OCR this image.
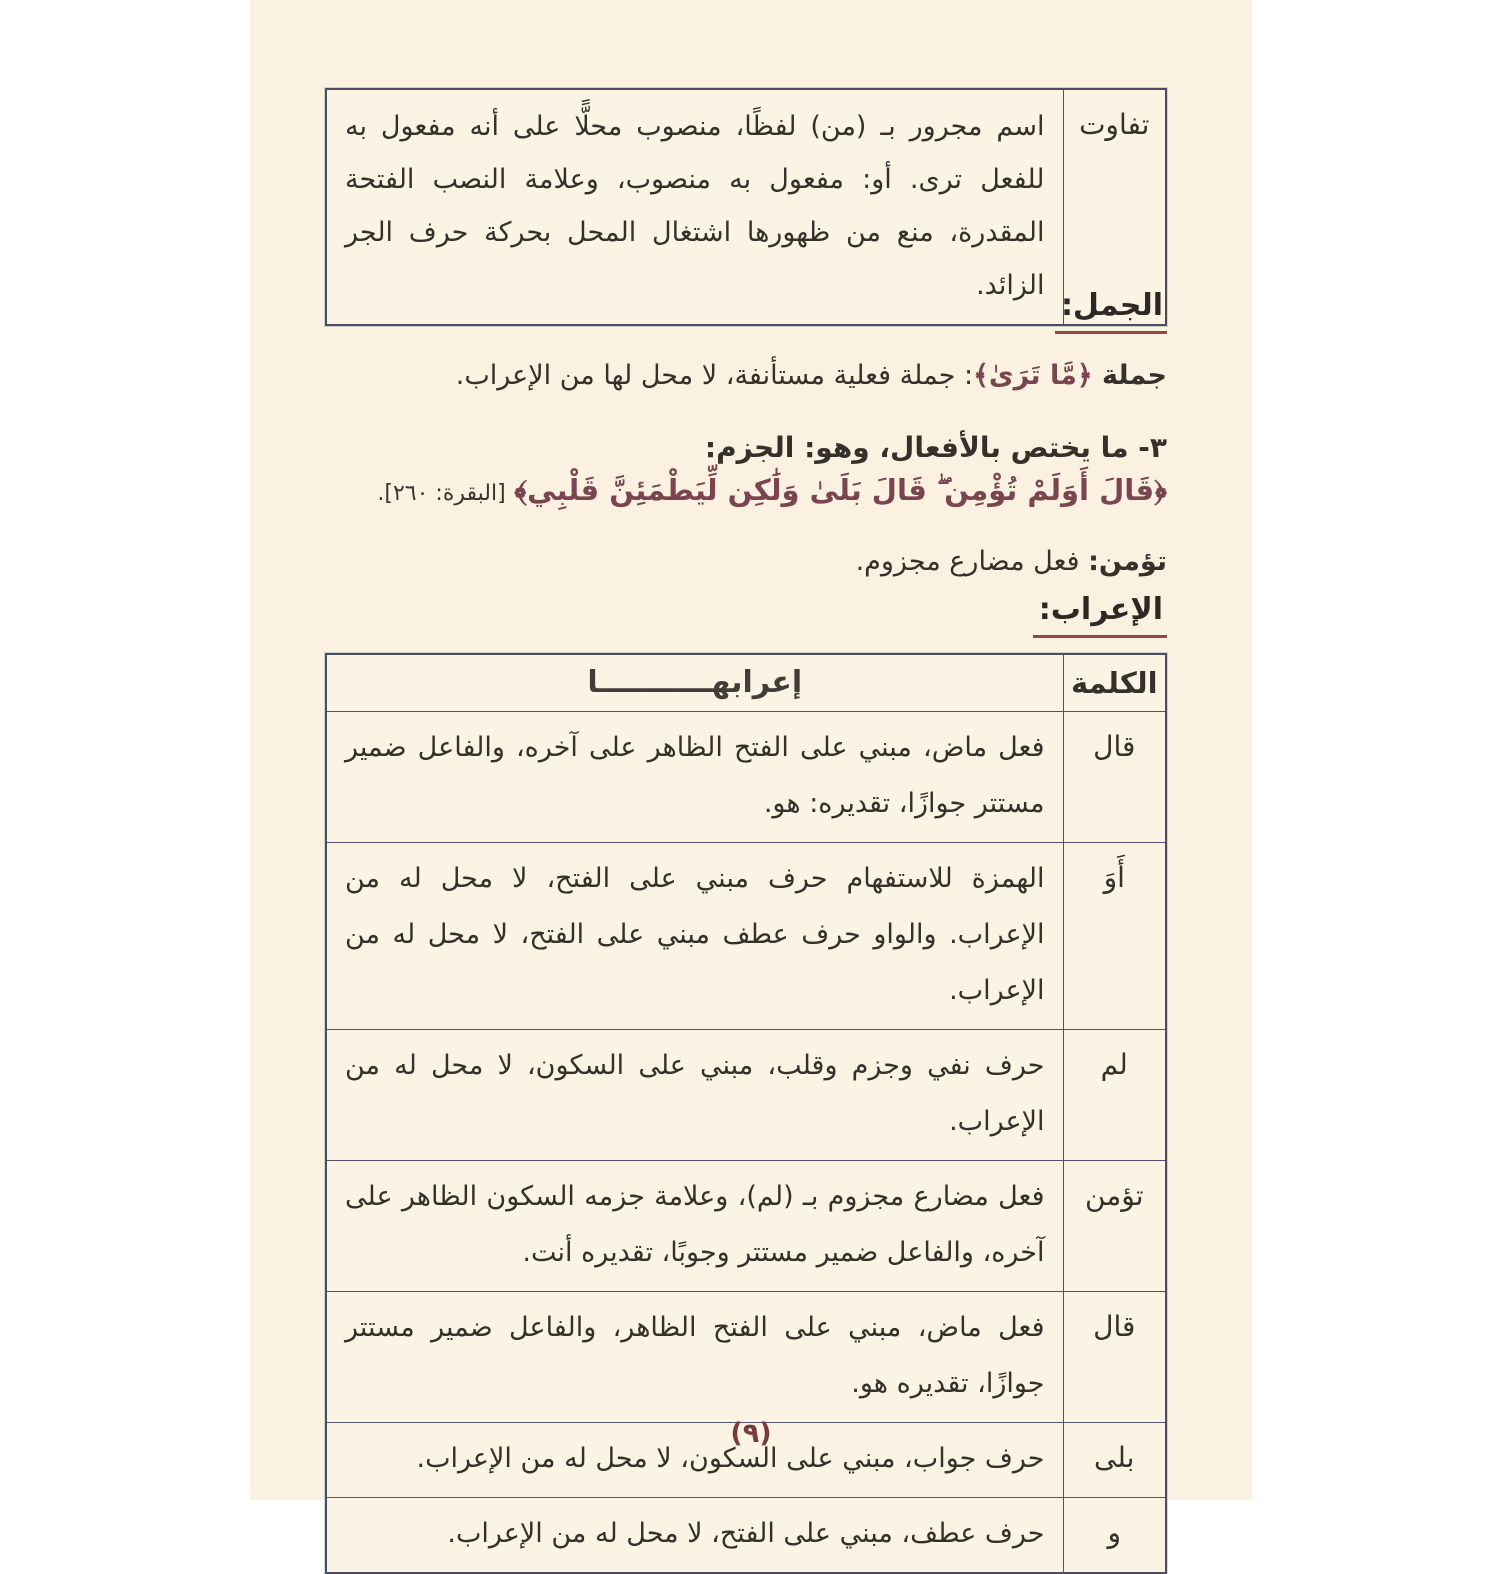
تفاوت	اسم مجرور بـ (من) لفظًا، منصوب محلًّا على أنه مفعول به للفعل ترى. أو: مفعول به منصوب، وعلامة النصب الفتحة المقدرة، منع من ظهورها اشتغال المحل بحركة حرف الجر الزائد.
الجمل:
جملة ﴿مَّا تَرَىٰ﴾: جملة فعلية مستأنفة، لا محل لها من الإعراب.
٣- ما يختص بالأفعال، وهو: الجزم:
﴿قَالَ أَوَلَمْ تُؤْمِن ۖ قَالَ بَلَىٰ وَلَٰكِن لِّيَطْمَئِنَّ قَلْبِي﴾ [البقرة: ٢٦٠].
تؤمن: فعل مضارع مجزوم.
الإعراب:
الكلمة	إعرابهـــــــــــا
قال	فعل ماض، مبني على الفتح الظاهر على آخره، والفاعل ضمير مستتر جوازًا، تقديره: هو.
أَوَ	الهمزة للاستفهام حرف مبني على الفتح، لا محل له من الإعراب. والواو حرف عطف مبني على الفتح، لا محل له من الإعراب.
لم	حرف نفي وجزم وقلب، مبني على السكون، لا محل له من الإعراب.
تؤمن	فعل مضارع مجزوم بـ (لم)، وعلامة جزمه السكون الظاهر على آخره، والفاعل ضمير مستتر وجوبًا، تقديره أنت.
قال	فعل ماض، مبني على الفتح الظاهر، والفاعل ضمير مستتر جوازًا، تقديره هو.
بلى	حرف جواب، مبني على السكون، لا محل له من الإعراب.
و	حرف عطف، مبني على الفتح، لا محل له من الإعراب.
(٩)
